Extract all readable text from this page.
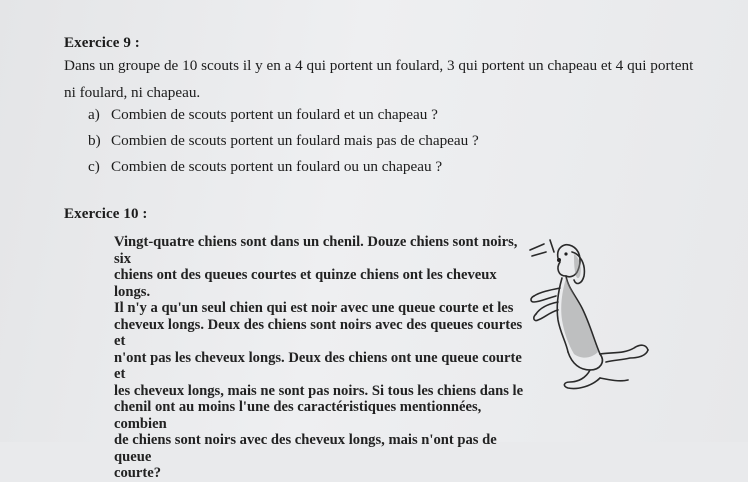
Exercice 9 :
Dans un groupe de 10 scouts il y en a 4 qui portent un foulard, 3 qui portent un chapeau et 4 qui portent
ni foulard, ni chapeau.
a) Combien de scouts portent un foulard et un chapeau ?
b) Combien de scouts portent un foulard mais pas de chapeau ?
c) Combien de scouts portent un foulard ou un chapeau ?
Exercice 10 :
Vingt-quatre chiens sont dans un chenil. Douze chiens sont noirs, six
chiens ont des queues courtes et quinze chiens ont les cheveux longs.
Il n'y a qu'un seul chien qui est noir avec une queue courte et les
cheveux longs. Deux des chiens sont noirs avec des queues courtes et
n'ont pas les cheveux longs. Deux des chiens ont une queue courte et
les cheveux longs, mais ne sont pas noirs. Si tous les chiens dans le
chenil ont au moins l'une des caractéristiques mentionnées, combien
de chiens sont noirs avec des cheveux longs, mais n'ont pas de queue
courte?
